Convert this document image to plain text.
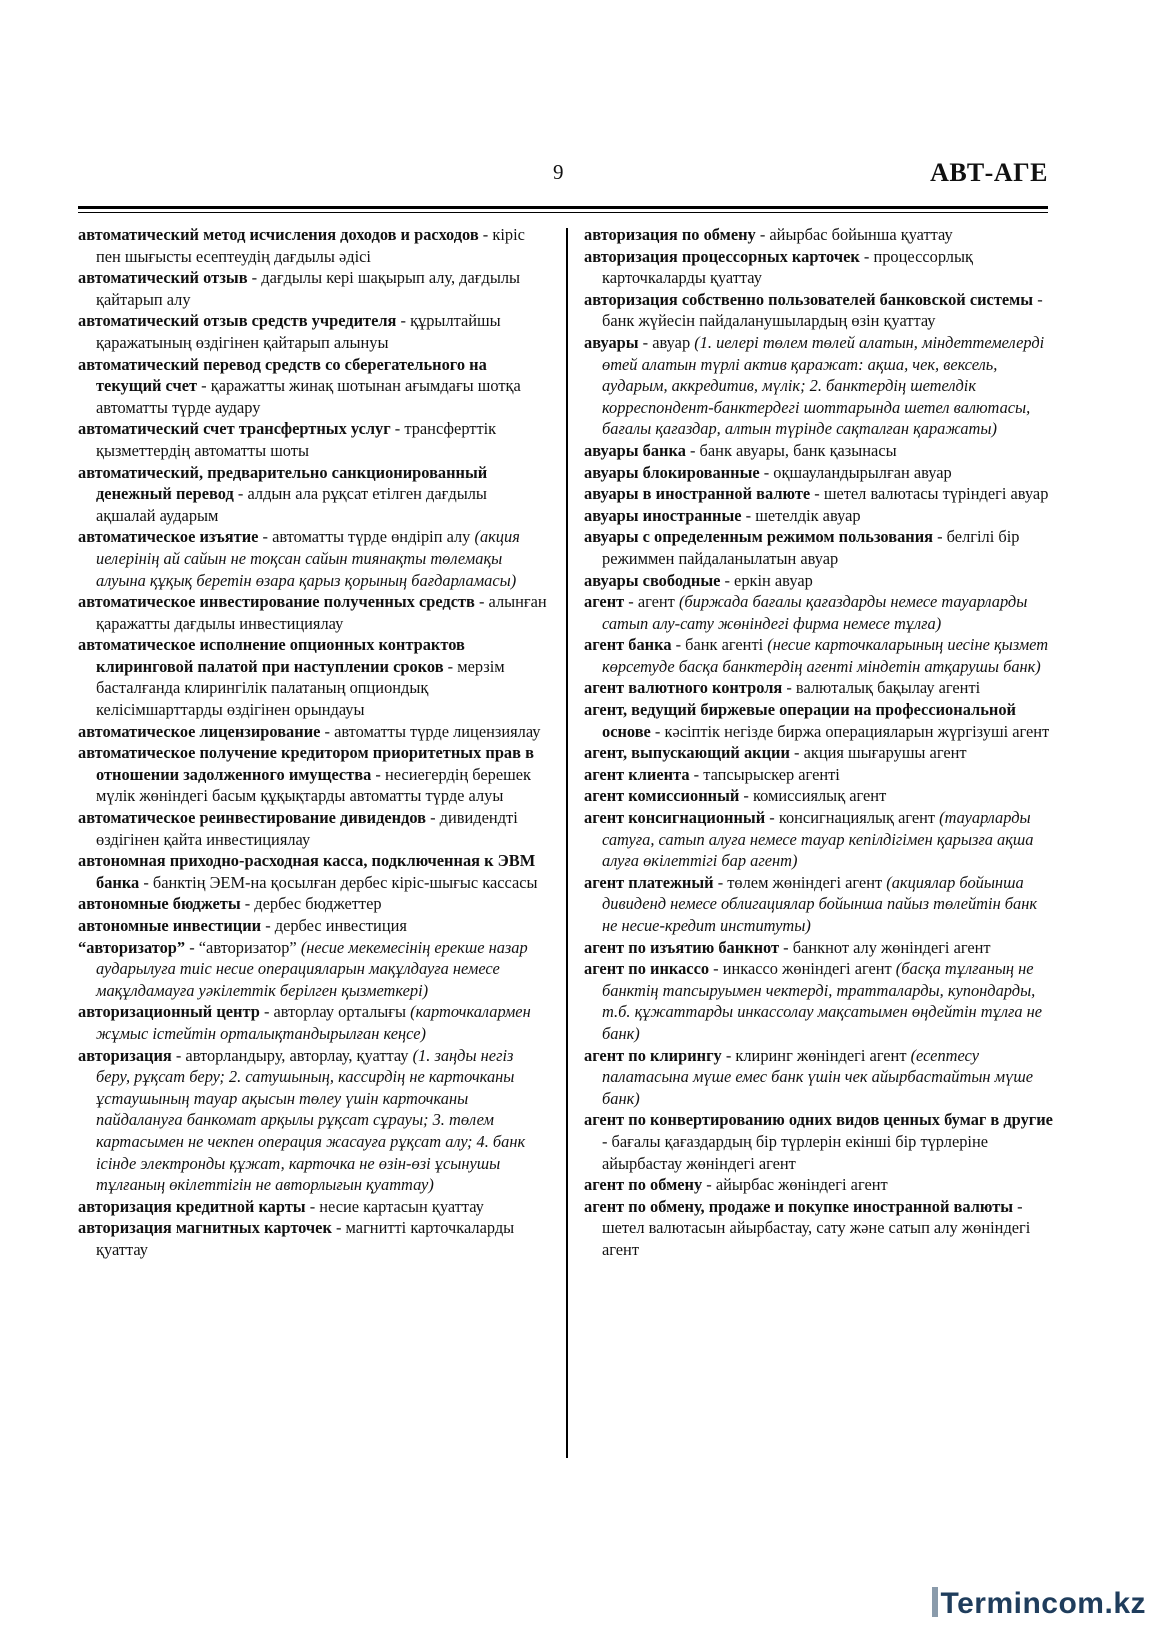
9	АВТ-АГЕ

автоматический метод исчисления доходов и расходов - кіріс пен шығысты есептеудің дағдылы әдісі

автоматический отзыв - дағдылы кері шақырып алу, дағдылы қайтарып алу

автоматический отзыв средств учредителя - құрылтайшы қаражатының өздігінен қайтарып алынуы

автоматический перевод средств со сберегательного на текущий счет - қаражатты жинақ шотынан ағымдағы шотқа автоматты түрде аудару

автоматический счет трансфертных услуг - трансферттік қызметтердің автоматты шоты

автоматический, предварительно санкционированный денежный перевод - алдын ала рұқсат етілген дағдылы ақшалай аударым

автоматическое изъятие - автоматты түрде өндіріп алу (акция иелерінің ай сайын не тоқсан сайын тиянақты төлемақы алуына құқық беретін өзара қарыз қорының бағдарламасы)

автоматическое инвестирование полученных средств - алынған қаражатты дағдылы инвестициялау

автоматическое исполнение опционных контрактов клиринговой палатой при наступлении сроков - мерзім басталғанда клирингілік палатаның опциондық келісімшарттарды өздігінен орындауы

автоматическое лицензирование - автоматты түрде лицензиялау

автоматическое получение кредитором приоритетных прав в отношении задолженного имущества - несиегердің берешек мүлік жөніндегі басым құқықтарды автоматты түрде алуы

автоматическое реинвестирование дивидендов - дивидендті өздігінен қайта инвестициялау

автономная приходно-расходная касса, подключенная к ЭВМ банка - банктің ЭЕМ-на қосылған дербес кіріс-шығыс кассасы

автономные бюджеты - дербес бюджеттер

автономные инвестиции - дербес инвестиция

“авторизатор” - “авторизатор” (несие мекемесінің ерекше назар аударылуға тиіс несие операцияларын мақұлдауға немесе мақұлдамауға уәкілеттік берілген қызметкері)

авторизационный центр - авторлау орталығы (карточкалармен жұмыс істейтін орталықтандырылған кеңсе)

авторизация - авторландыру, авторлау, қуаттау (1. заңды негіз беру, рұқсат беру; 2. сатушының, кассирдің не карточканы ұстаушының тауар ақысын төлеу үшін карточканы пайдалануға банкомат арқылы рұқсат сұрауы; 3. төлем картасымен не чекпен операция жасауға рұқсат алу; 4. банк ісінде электронды құжат, карточка не өзін-өзі ұсынушы тұлғаның өкілеттігін не авторлығын қуаттау)

авторизация кредитной карты - несие картасын қуаттау

авторизация магнитных карточек - магнитті карточкаларды қуаттау

авторизация по обмену - айырбас бойынша қуаттау

авторизация процессорных карточек - процессорлық карточкаларды қуаттау

авторизация собственно пользователей банковской системы - банк жүйесін пайдаланушылардың өзін қуаттау

авуары - авуар (1. иелері төлем төлей алатын, міндеттемелерді өтей алатын түрлі актив қаражат: ақша, чек, вексель, аударым, аккредитив, мүлік; 2. банктердің шетелдік корреспондент-банктердегі шоттарында шетел валютасы, бағалы қағаздар, алтын түрінде сақталған қаражаты)

авуары банка - банк авуары, банк қазынасы

авуары блокированные - оқшауландырылған авуар

авуары в иностранной валюте - шетел валютасы түріндегі авуар

авуары иностранные - шетелдік авуар

авуары с определенным режимом пользования - белгілі бір режиммен пайдаланылатын авуар

авуары свободные - еркін авуар

агент - агент (биржада бағалы қағаздарды немесе тауарларды сатып алу-сату жөніндегі фирма немесе тұлға)

агент банка - банк агенті (несие карточкаларының иесіне қызмет көрсетуде басқа банктердің агенті міндетін атқарушы банк)

агент валютного контроля - валюталық бақылау агенті

агент, ведущий биржевые операции на профессиональной основе - кәсіптік негізде биржа операцияларын жүргізуші агент

агент, выпускающий акции - акция шығарушы агент

агент клиента - тапсырыскер агенті

агент комиссионный - комиссиялық агент

агент консигнационный - консигнациялық агент (тауарларды сатуға, сатып алуға немесе тауар кепілдігімен қарызға ақша алуға өкілеттігі бар агент)

агент платежный - төлем жөніндегі агент (акциялар бойынша дивиденд немесе облигациялар бойынша пайыз төлейтін банк не несие-кредит институты)

агент по изъятию банкнот - банкнот алу жөніндегі агент

агент по инкассо - инкассо жөніндегі агент (басқа тұлғаның не банктің тапсыруымен чектерді, тратталарды, купондарды, т.б. құжаттарды инкассолау мақсатымен өңдейтін тұлға не банк)

агент по клирингу - клиринг жөніндегі агент (есептесу палатасына мүше емес банк үшін чек айырбастайтын мүше банк)

агент по конвертированию одних видов ценных бумаг в другие - бағалы қағаздардың бір түрлерін екінші бір түрлеріне айырбастау жөніндегі агент

агент по обмену - айырбас жөніндегі агент

агент по обмену, продаже и покупке иностранной валюты - шетел валютасын айырбастау, сату және сатып алу жөніндегі агент

Termincom.kz
